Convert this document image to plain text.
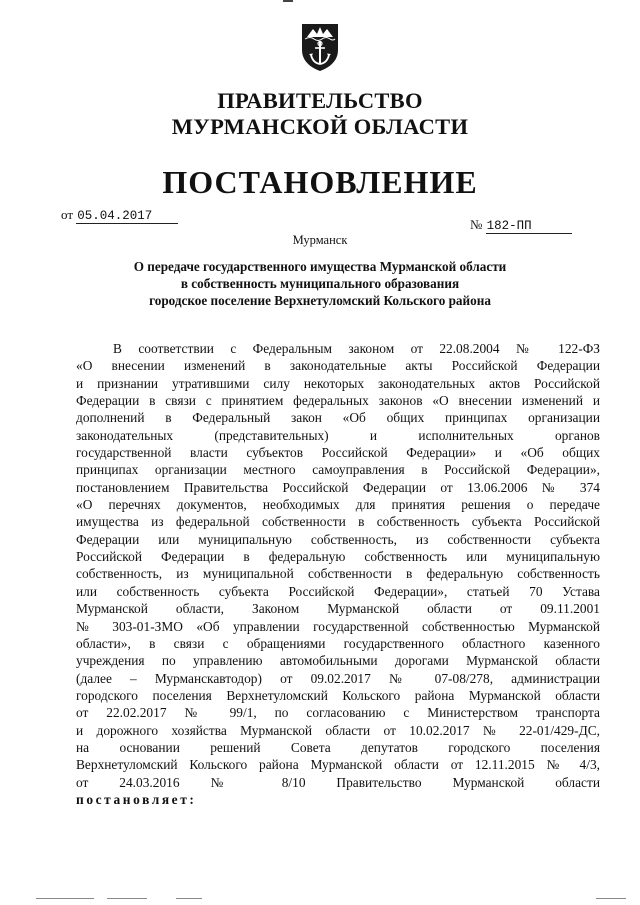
ПРАВИТЕЛЬСТВО
МУРМАНСКОЙ ОБЛАСТИ
ПОСТАНОВЛЕНИЕ
от 05.04.2017
№ 182-ПП
Мурманск
О передаче государственного имущества Мурманской области
в собственность муниципального образования
городское поселение Верхнетуломский Кольского района
В соответствии с Федеральным законом от 22.08.2004 № 122-ФЗ
«О внесении изменений в законодательные акты Российской Федерации
и признании утратившими силу некоторых законодательных актов Российской
Федерации в связи с принятием федеральных законов «О внесении изменений и
дополнений в Федеральный закон «Об общих принципах организации
законодательных (представительных) и исполнительных органов
государственной власти субъектов Российской Федерации» и «Об общих
принципах организации местного самоуправления в Российской Федерации»,
постановлением Правительства Российской Федерации от 13.06.2006 № 374
«О перечнях документов, необходимых для принятия решения о передаче
имущества из федеральной собственности в собственность субъекта Российской
Федерации или муниципальную собственность, из собственности субъекта
Российской Федерации в федеральную собственность или муниципальную
собственность, из муниципальной собственности в федеральную собственность
или собственность субъекта Российской Федерации», статьей 70 Устава
Мурманской области, Законом Мурманской области от 09.11.2001
№ 303-01-ЗМО «Об управлении государственной собственностью Мурманской
области», в связи с обращениями государственного областного казенного
учреждения по управлению автомобильными дорогами Мурманской области
(далее – Мурманскавтодор) от 09.02.2017 № 07-08/278, администрации
городского поселения Верхнетуломский Кольского района Мурманской области
от 22.02.2017 № 99/1, по согласованию с Министерством транспорта
и дорожного хозяйства Мурманской области от 10.02.2017 № 22-01/429-ДС,
на основании решений Совета депутатов городского поселения
Верхнетуломский Кольского района Мурманской области от 12.11.2015 № 4/3,
от 24.03.2016 № 8/10 Правительство Мурманской области
постановляет:
